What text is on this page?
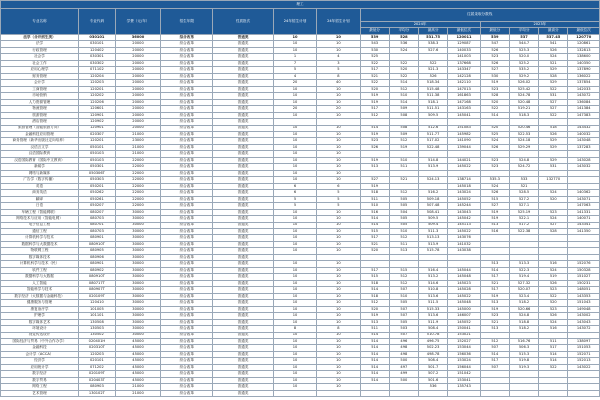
理工														
专业名称	专业代码	学费（元/年）	招生年限	性质批次	24年招生计划	24年招生计划	往届录取分数线							
							2024年				2023年			
							最低分	平均分	最高分	最低位次	最低分	平均分	最高分	最低位次
法学（合并招生类）	030101	36000	综合改革	普通类	10	10	539	528	531.75	120011	539	537	537.45	120770
法学	030101	20000	综合改革	普通类	10	10	543	536	538.3	129087	547	544.7	541	120861
行政管理	120402	20000	综合改革	普通类	10	10	530	524	527.6	140033	526	525.3	526	132813
社会学	030301	20000	综合改革	普通类	1	4	525			141003	523	520.0	524	138600
社会工作	030302	20000	综合改革	普通类	7	3	522	522	522	137668	526	525.2	521	140350
应用心理学	071102	20000	综合改革	普通类	5	5	517	520	521.3	143347	527	535.2	529	137890
财务管理	120204	20000	综合改革	普通类	4	8	521	522	526	142128	530	529.2	528	136022
会计学	120203	20000	综合改革	普通类	20	40	522	514	518.34	142110	519	526.02	529	137854
工商管理	120201	20000	综合改革	普通类	10	10	520	512	515.48	147013	523	525.42	522	142033
市场营销	120202	20000	综合改革	普通类	10	10	519	510	511.38	161863	528	524.78	531	143072
人力资源管理	120206	20000	综合改革	普通类	10	10	519	514	518.1	147168	520	520.48	527	136084
物流管理	120601	20000	综合改革	普通类	20	20	517	509	511.51	143163	522	519.21	527	141384
旅游管理	120901	20000	综合改革	普通类	10	10	512	508	509.5	145041	514	518.3	522	147383
酒店管理	120902	20000	综合改革	普通类										
旅游管理（智能旅游方向）	120901	20000	综合改革	普通类	10	10	514	508	512.6	151083	520	520.46	518	143432
金融科技应用管理	020307	21000	综合改革	普通类	10	10	519	509	511.77	145982	525	522.53	526	140032
商务管理（新华出版社定向培养）	120201	23000	综合改革	普通类	10	10	523	512	517.02	141090	524	524.18	529	143048
汉语言文学	050101	21000	综合改革	普通类	10	10	526	519	522.48	139044	526	529.29	529	137283
汉语国际教育	050103	21000	综合改革	普通类	10	10								
汉语国际教育（国际中文教育）	050103	22000	综合改革	普通类	10	10	519	510	514.8	144021	523	524.8	529	143028
新闻学	050301	22000	综合改革	普通类	10	10	513	511	513.9	145022	523	524.72	531	143032
网络与新媒体	050306T	22000	综合改革	普通类	10	10								
广告学（数字传播）	050303	22000	综合改革	普通类	10	10	527	521	524.13	138714	535.3	533	132770	
英语	050201	22000	综合改革	普通类	6	6	519			145018	524	521		
商务英语	050262	22000	综合改革	普通类	6	5	518	512	516.2	143024	526	528.5	524	140362
翻译	050261	22000	综合改革	普通类	5	5	511	505	509.18	145052	515	527.2	520	143071
日语	050207	22000	综合改革	普通类	5	5	510	505	507.48	145244	527	527.1		147063
车辆工程（智能网联）	080207	30000	综合改革	普通类	10	10	516	504	508.41	143043	519	525.19	523	141331
网络技术与应用（智能电网）	080703	30000	综合改革	普通类	10	10	514	505	509.5	145042	519	522.1	524	140071
电子信息工程	080701	30000	综合改革	普通类	10	10	514	505	509.4	145113	513	517.2	527	143341
通信工程	080703	30000	综合改革	普通类	10	10	515	510	511.3	145022	516	522.38	528	141350
计算机科学与技术	080901	30000	综合改革	普通类	10	10	517	512	513.13	143076				
数据科学与大数据技术	080910T	30000	综合改革	普通类	10	10	521	511	513.9	141032				
物联网工程	080905	30000	综合改革	普通类	10	10	520	513	515.78	143038				
数字媒体技术	080906	30000	综合改革	普通类										
计算机科学与技术（民）	080901	30000	综合改革	普通类	10	10					513	513.3	516	152076
软件工程	080902	30000	综合改革	普通类	10	10	517	515	516.4	145044	514	522.3	524	150328
数据科学与大数据	080910T	30000	综合改革	普通类	10	10	515	512	513.2	145048	517	519.4	519	151027
人工智能	080717T	30000	综合改革	普通类	10	10	518	512	514.6	145023	521	527.32	526	150231
智能科学与技术	080907T	30000	综合改革	普通类	10	10	514	507	510.8	145028	517	520.07	523	148051
数字经济（大数据与金融科技）	020109T	30000	综合改革	普通类	10	10	518	510	513.6	145022	519	523.4	522	143353
健康服务与管理	120410	30000	综合改革	普通类	10	10	512	505	511.5	145048	513	518.2	520	151043
康复治疗学	101005	30000	综合改革	普通类	10	10	520	507	515.33	145000	519	520.66	523	149048
护理学	101101	30000	综合改革	普通类	10	10	519	507	513.6	146007	523	524.8	526	143002
数字媒体艺术	130508	30000	综合改革	普通类	10	10	513	505	511.9	145052	521	518.8	524	143043
环境设计	130503	30000	综合改革	普通类	8	8	511	503	508.4	150041	513	518.2	516	143072
视觉传达设计	130502	30000	综合改革	普通类	10	10	514	507	510.78	153021				
国际经济与贸易（中外合作办学）	020401H	45000	综合改革	普通类	10	10	514	496	496.75	152027	512	516.76	511	138097
金融科技	020310T	45000	综合改革	普通类	10	10	514	498	502.23	153044	507	506.3	517	151053
会计学（ACCA）	120203	45000	综合改革	普通类	10	10	514	498	498.78	156036	514	515.3	514	152071
经济学	020101	45000	综合改革	普通类	10	10	514	500	508.4	153024	517	519.8	514	152013
应用统计学	071202	45000	综合改革	普通类	10	10	514	497	501.7	156044	507	519.3	522	143022
数字经济	020109T	45000	综合改革	普通类	10	10	514	499	507.2	151042				
数字贸易	020403T	45000	综合改革	普通类	10	10	514	500	501.6	153041				
网络工程	080903	21000	综合改革	普通类	10	10			536	135743				
艺术管理	130102T	21000	综合改革	普通类										
